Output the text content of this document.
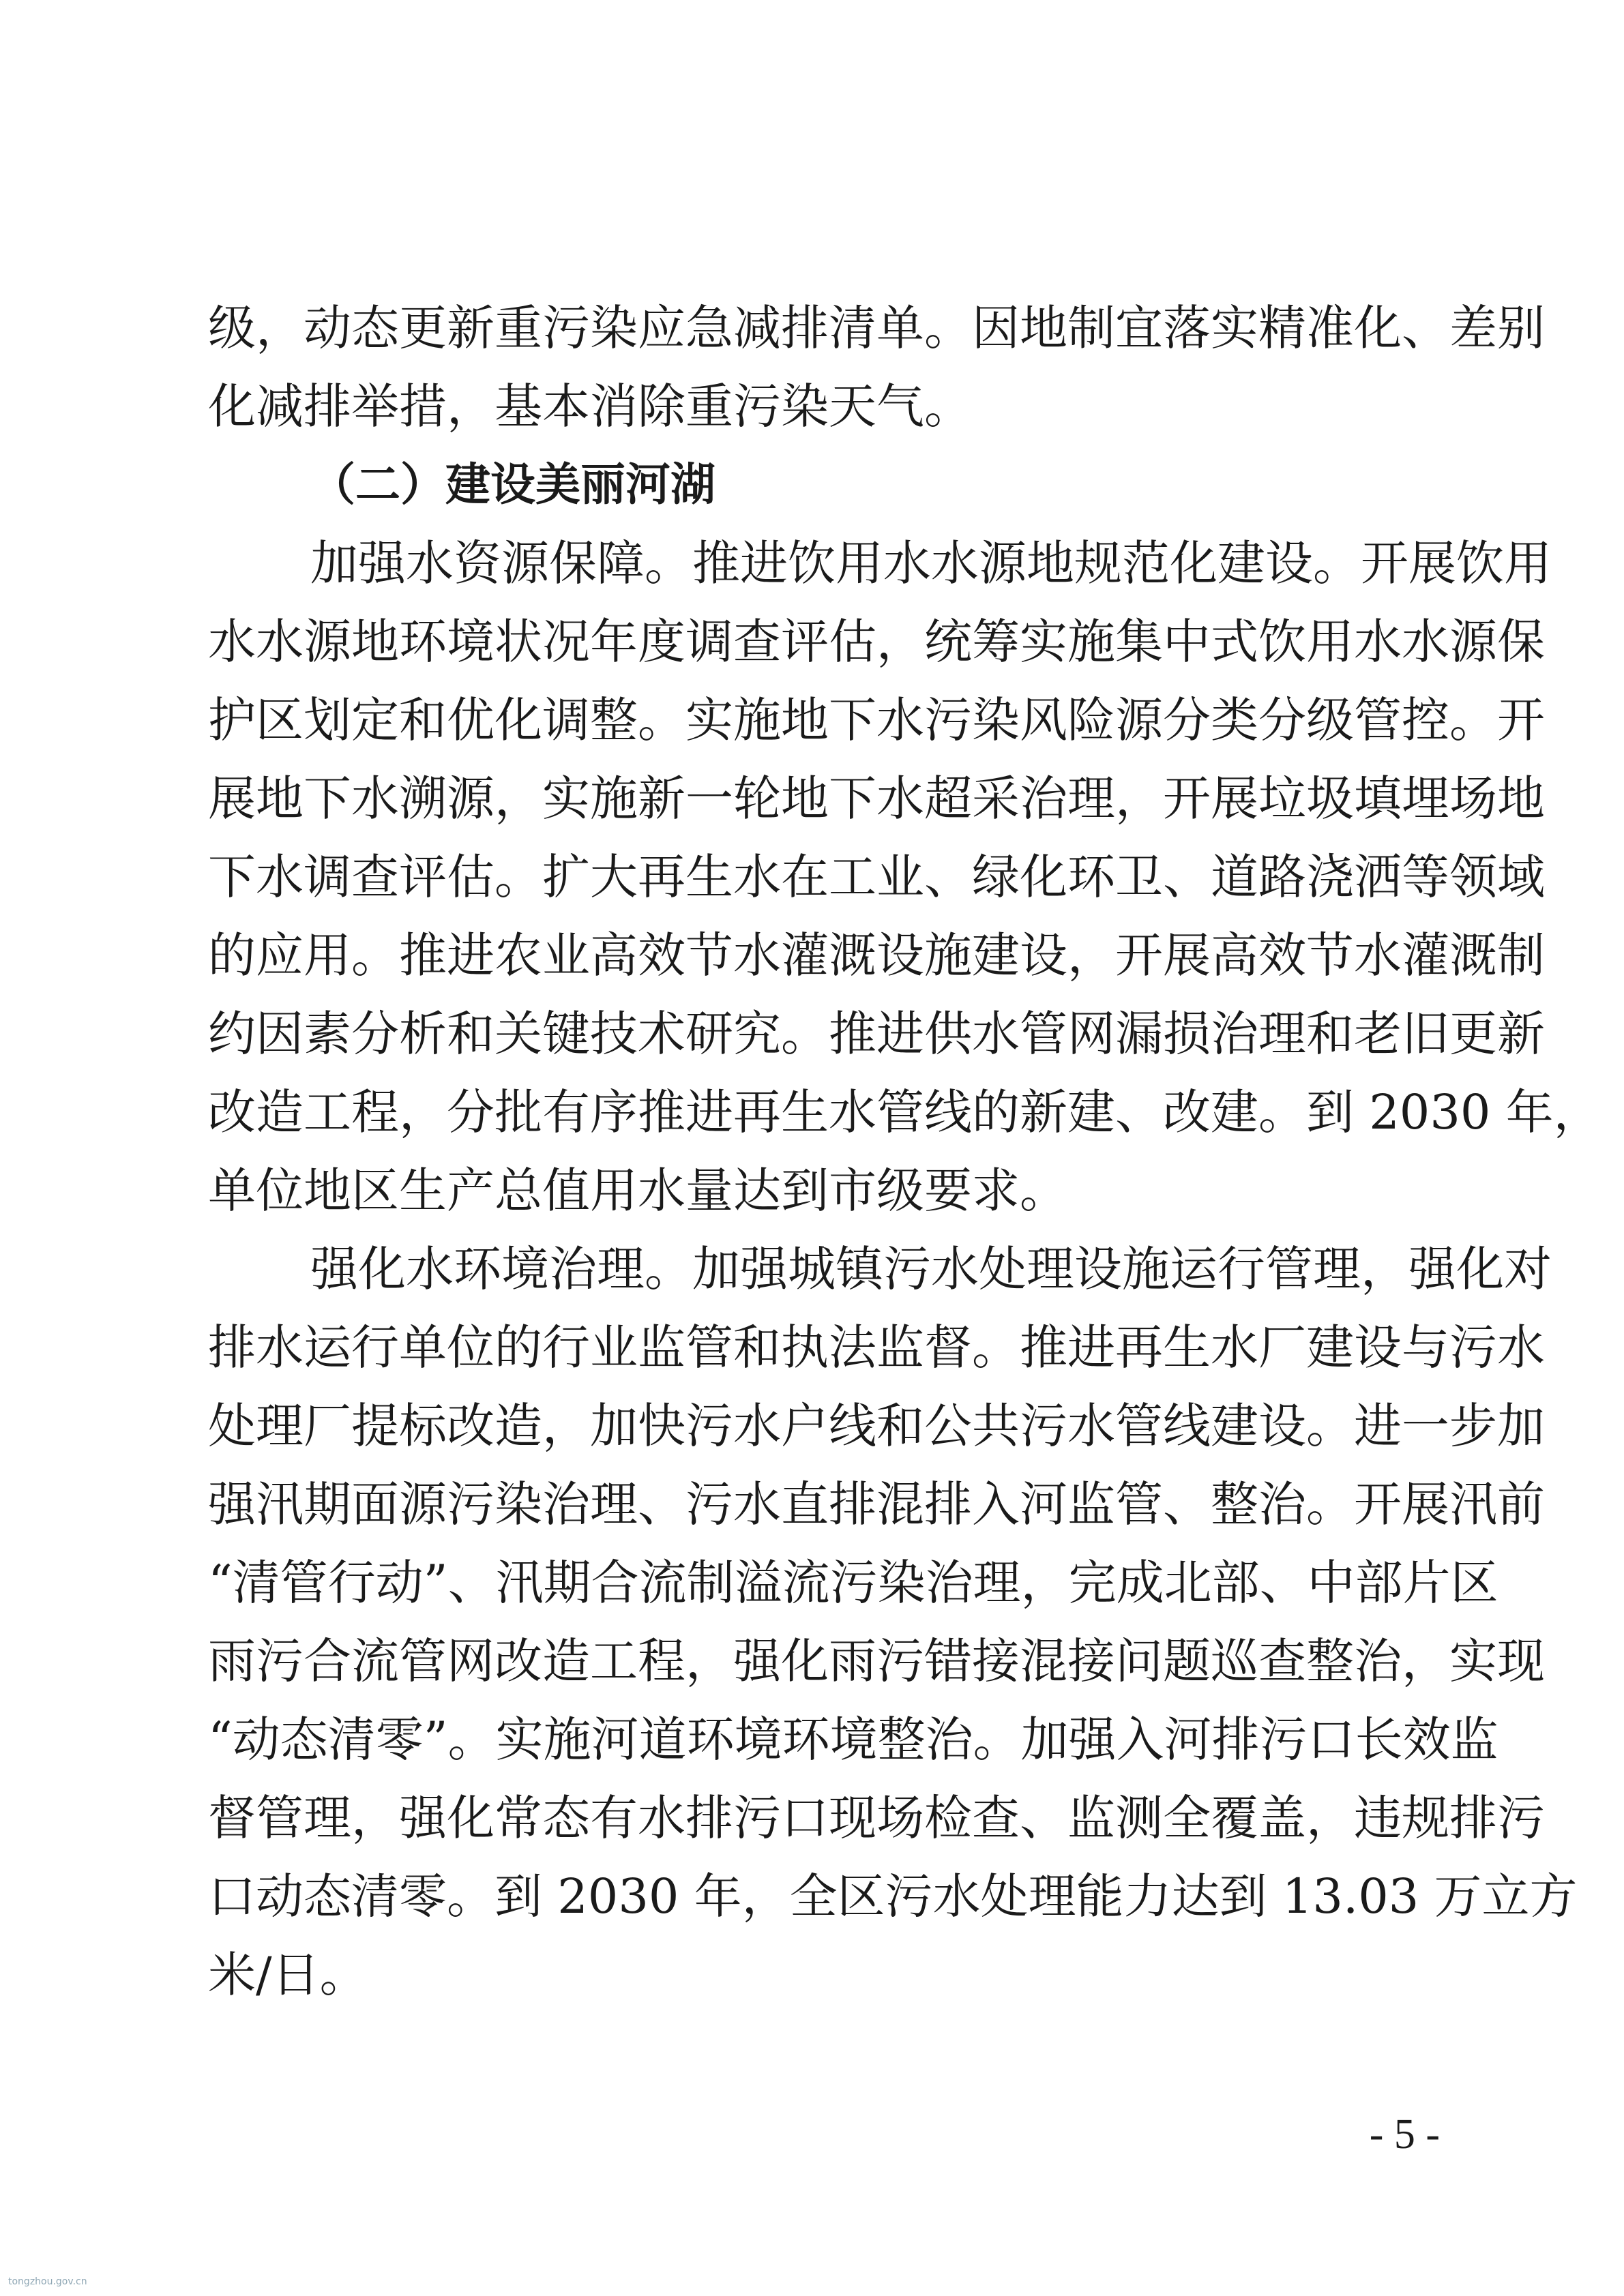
级，动态更新重污染应急减排清单。因地制宜落实精准化、差别

化减排举措，基本消除重污染天气。

（二）建设美丽河湖

加强水资源保障。推进饮用水水源地规范化建设。开展饮用

水水源地环境状况年度调查评估，统筹实施集中式饮用水水源保

护区划定和优化调整。实施地下水污染风险源分类分级管控。开

展地下水溯源，实施新一轮地下水超采治理，开展垃圾填埋场地

下水调查评估。扩大再生水在工业、绿化环卫、道路浇洒等领域

的应用。推进农业高效节水灌溉设施建设，开展高效节水灌溉制

约因素分析和关键技术研究。推进供水管网漏损治理和老旧更新

改造工程，分批有序推进再生水管线的新建、改建。到 2030 年，

单位地区生产总值用水量达到市级要求。

强化水环境治理。加强城镇污水处理设施运行管理，强化对

排水运行单位的行业监管和执法监督。推进再生水厂建设与污水

处理厂提标改造，加快污水户线和公共污水管线建设。进一步加

强汛期面源污染治理、污水直排混排入河监管、整治。开展汛前

“清管行动”、汛期合流制溢流污染治理，完成北部、中部片区

雨污合流管网改造工程，强化雨污错接混接问题巡查整治，实现

“动态清零”。实施河道环境环境整治。加强入河排污口长效监

督管理，强化常态有水排污口现场检查、监测全覆盖，违规排污

口动态清零。到 2030 年，全区污水处理能力达到 13.03 万立方

米/日。

- 5 -
tongzhou.gov.cn
